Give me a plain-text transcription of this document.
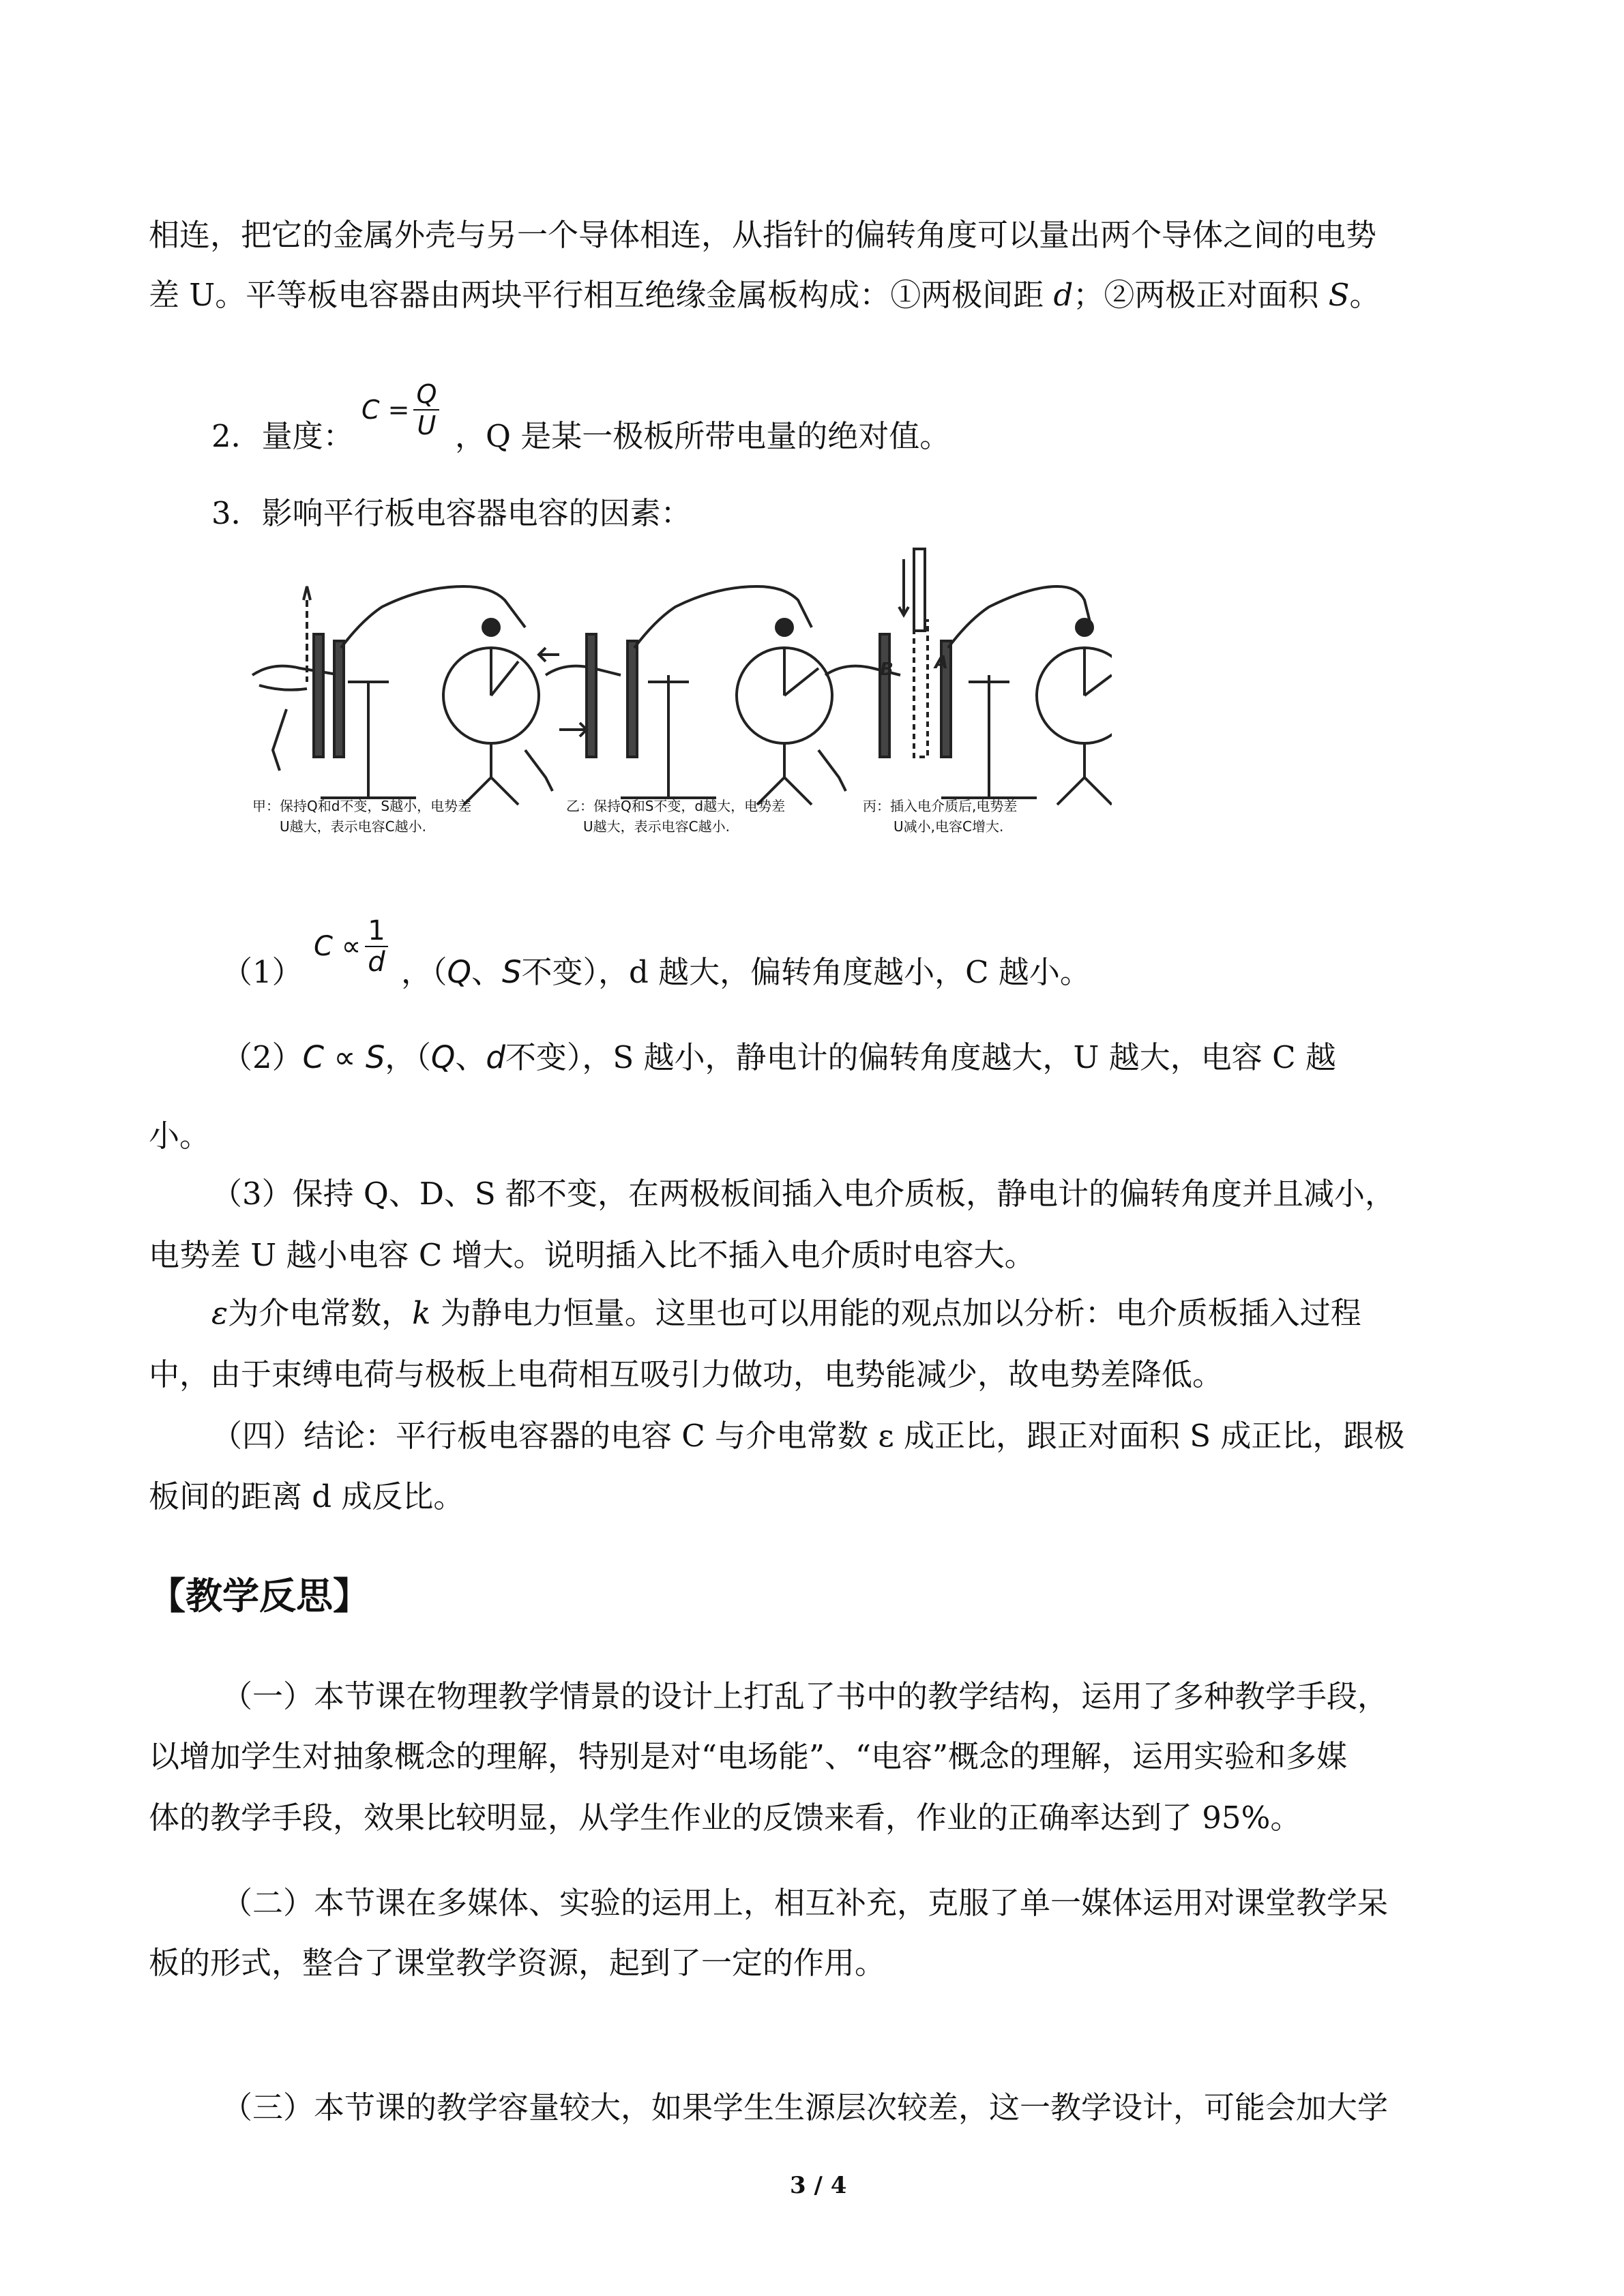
相连，把它的金属外壳与另一个导体相连，从指针的偏转角度可以量出两个导体之间的电势
差 U。平等板电容器由两块平行相互绝缘金属板构成：①两极间距 d；②两极正对面积 S。
2．量度：
$C = \frac{Q}{U}$ ，Q 是某一极板所带电量的绝对值。
3．影响平行板电容器电容的因素：
B A
甲：保持Q和d不变，S越小，电势差
U越大，表示电容C越小.
乙：保持Q和S不变，d越大，电势差
U越大，表示电容C越小.
丙：插入电介质后,电势差
U减小,电容C增大.
（1）
$C \propto \frac{1}{d}$ ，（Q、S不变），d 越大，偏转角度越小，C 越小。
（2）C ∝ S，（Q、d不变），S 越小，静电计的偏转角度越大，U 越大，电容 C 越
小。
（3）保持 Q、D、S 都不变，在两极板间插入电介质板，静电计的偏转角度并且减小，
电势差 U 越小电容 C 增大。说明插入比不插入电介质时电容大。
ε为介电常数，k 为静电力恒量。这里也可以用能的观点加以分析：电介质板插入过程
中，由于束缚电荷与极板上电荷相互吸引力做功，电势能减少，故电势差降低。
（四）结论：平行板电容器的电容 C 与介电常数 ε 成正比，跟正对面积 S 成正比，跟极
板间的距离 d 成反比。
【教学反思】
（一）本节课在物理教学情景的设计上打乱了书中的教学结构，运用了多种教学手段，
以增加学生对抽象概念的理解，特别是对“电场能”、“电容”概念的理解，运用实验和多媒
体的教学手段，效果比较明显，从学生作业的反馈来看，作业的正确率达到了 95%。
（二）本节课在多媒体、实验的运用上，相互补充，克服了单一媒体运用对课堂教学呆
板的形式，整合了课堂教学资源，起到了一定的作用。
（三）本节课的教学容量较大，如果学生生源层次较差，这一教学设计，可能会加大学
3 / 4
